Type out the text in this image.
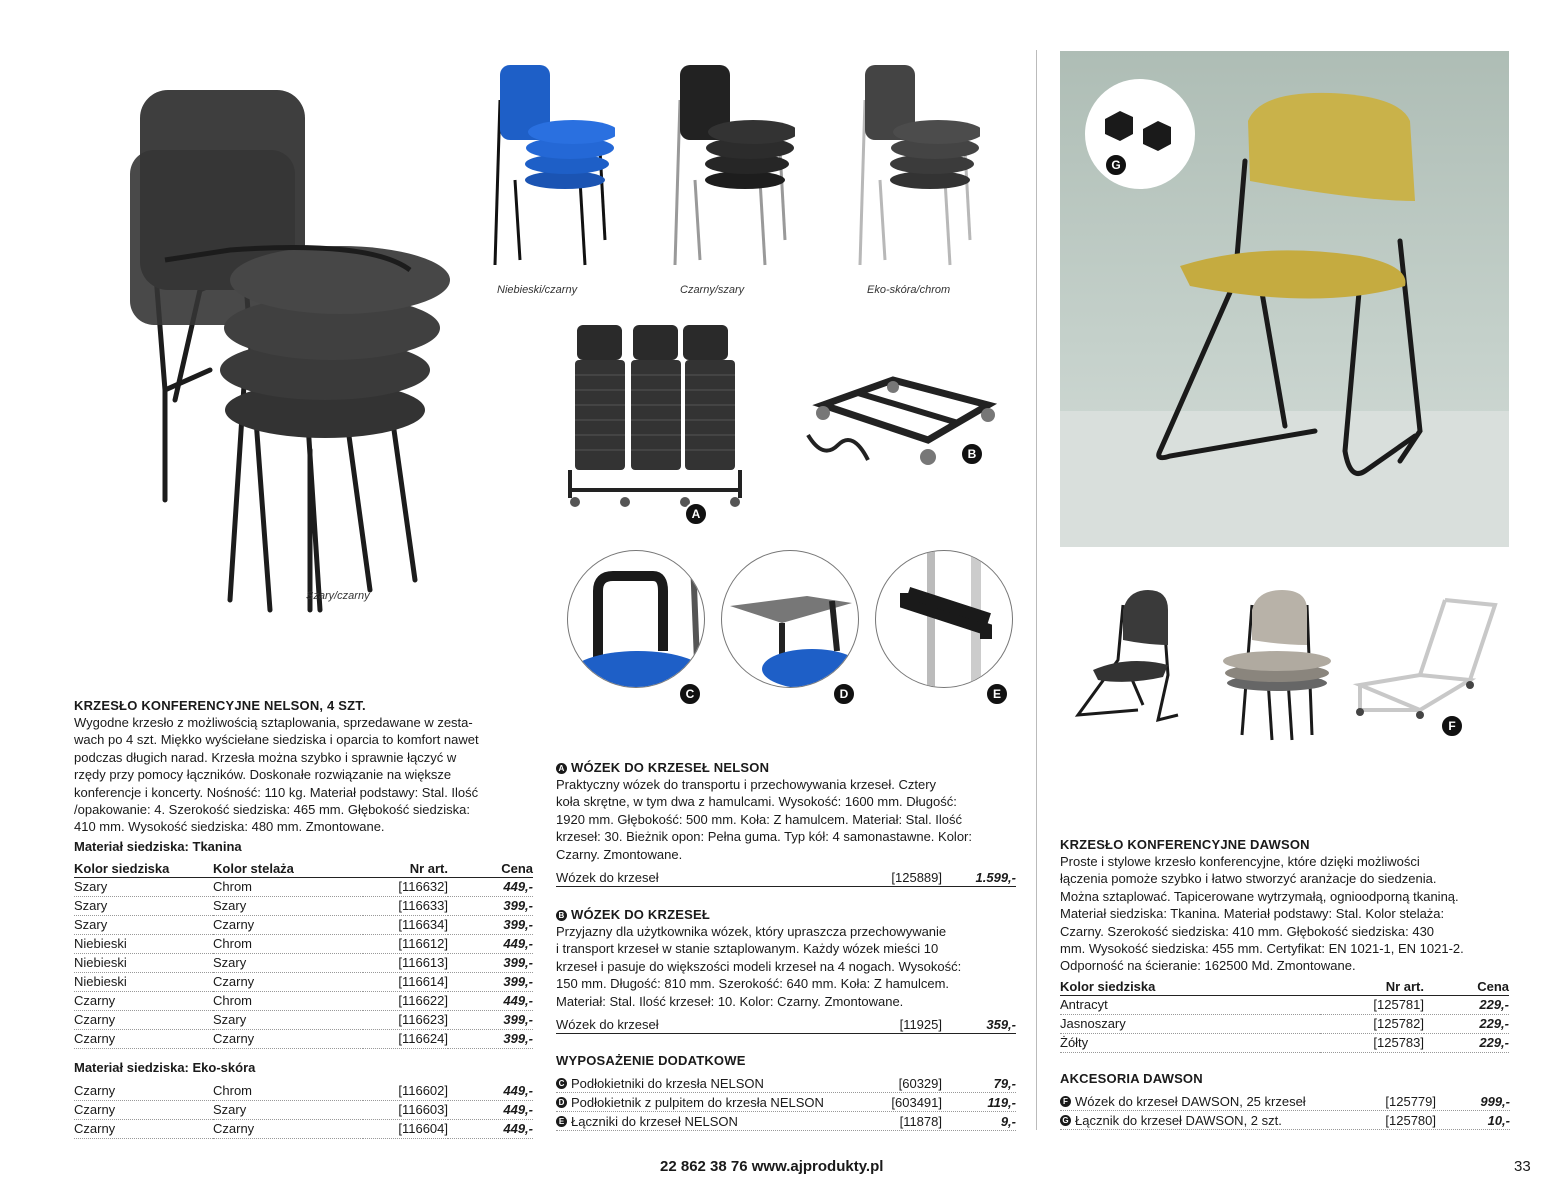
Szary/czarny
Niebieski/czarny	Czarny/szary	Eko-skóra/chrom
A
B
C	D	E
G
F
KRZESŁO KONFERENCYJNE NELSON, 4 SZT.
Wygodne krzesło z możliwością sztaplowania, sprzedawane w zesta-
wach po 4 szt. Miękko wyściełane siedziska i oparcia to komfort nawet
podczas długich narad. Krzesła można szybko i sprawnie łączyć w
rzędy przy pomocy łączników. Doskonałe rozwiązanie na większe
konferencje i koncerty. Nośność: 110 kg. Materiał podstawy: Stal. Ilość
/opakowanie: 4. Szerokość siedziska: 465 mm. Głębokość siedziska:
410 mm. Wysokość siedziska: 480 mm. Zmontowane.
Materiał siedziska: Tkanina
Kolor siedziska	Kolor stelaża	Nr art.	Cena
Szary	Chrom	[116632]	449,-
Szary	Szary	[116633]	399,-
Szary	Czarny	[116634]	399,-
Niebieski	Chrom	[116612]	449,-
Niebieski	Szary	[116613]	399,-
Niebieski	Czarny	[116614]	399,-
Czarny	Chrom	[116622]	449,-
Czarny	Szary	[116623]	399,-
Czarny	Czarny	[116624]	399,-
Materiał siedziska: Eko-skóra
Czarny	Chrom	[116602]	449,-
Czarny	Szary	[116603]	449,-
Czarny	Czarny	[116604]	449,-
A WÓZEK DO KRZESEŁ NELSON
Praktyczny wózek do transportu i przechowywania krzeseł. Cztery
koła skrętne, w tym dwa z hamulcami. Wysokość: 1600 mm. Długość:
1920 mm. Głębokość: 500 mm. Koła: Z hamulcem. Materiał: Stal. Ilość
krzeseł: 30. Bieżnik opon: Pełna guma. Typ kół: 4 samonastawne. Kolor:
Czarny. Zmontowane.
Wózek do krzeseł	[125889]	1.599,-
B WÓZEK DO KRZESEŁ
Przyjazny dla użytkownika wózek, który upraszcza przechowywanie
i transport krzeseł w stanie sztaplowanym. Każdy wózek mieści 10
krzeseł i pasuje do większości modeli krzeseł na 4 nogach. Wysokość:
150 mm. Długość: 810 mm. Szerokość: 640 mm. Koła: Z hamulcem.
Materiał: Stal. Ilość krzeseł: 10. Kolor: Czarny. Zmontowane.
Wózek do krzeseł	[11925]	359,-
WYPOSAŻENIE DODATKOWE
C Podłokietniki do krzesła NELSON	[60329]	79,-
D Podłokietnik z pulpitem do krzesła NELSON	[603491]	119,-
E Łączniki do krzeseł NELSON	[11878]	9,-
KRZESŁO KONFERENCYJNE DAWSON
Proste i stylowe krzesło konferencyjne, które dzięki możliwości
łączenia pomoże szybko i łatwo stworzyć aranżacje do siedzenia.
Można sztaplować. Tapicerowane wytrzymałą, ognioodporną tkaniną.
Materiał siedziska: Tkanina. Materiał podstawy: Stal. Kolor stelaża:
Czarny. Szerokość siedziska: 410 mm. Głębokość siedziska: 430
mm. Wysokość siedziska: 455 mm. Certyfikat: EN 1021-1, EN 1021-2.
Odporność na ścieranie: 162500 Md. Zmontowane.
Kolor siedziska	Nr art.	Cena
Antracyt	[125781]	229,-
Jasnoszary	[125782]	229,-
Żółty	[125783]	229,-
AKCESORIA DAWSON
F Wózek do krzeseł DAWSON, 25 krzeseł	[125779]	999,-
G Łącznik do krzeseł DAWSON, 2 szt.	[125780]	10,-
22 862 38 76 www.ajprodukty.pl	33
